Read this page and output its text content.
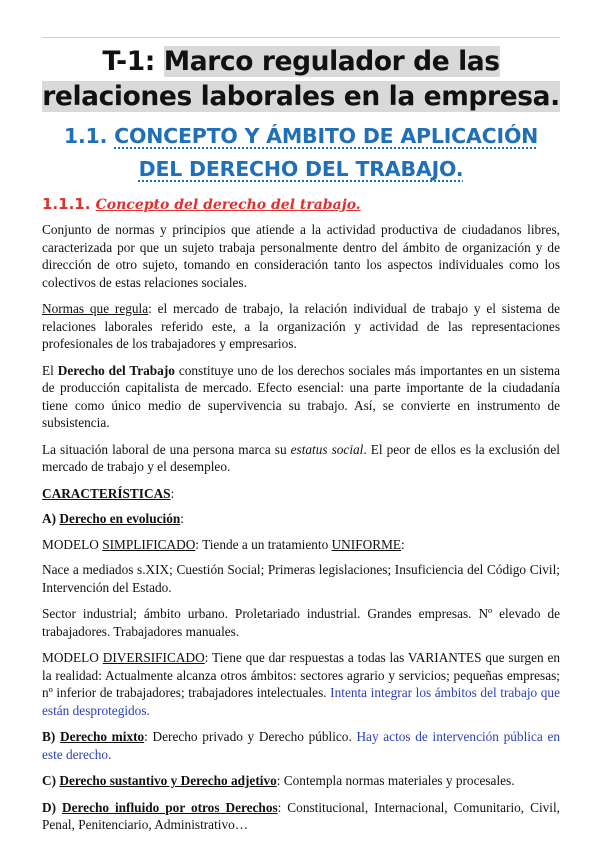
T-1: Marco regulador de las
relaciones laborales en la empresa.
1.1. CONCEPTO Y ÁMBITO DE APLICACIÓN
DEL DERECHO DEL TRABAJO.
1.1.1. Concepto del derecho del trabajo.

Conjunto de normas y principios que atiende a la actividad productiva de ciudadanos libres, caracterizada por que un sujeto trabaja personalmente dentro del ámbito de organización y de dirección de otro sujeto, tomando en consideración tanto los aspectos individuales como los colectivos de estas relaciones sociales.

Normas que regula: el mercado de trabajo, la relación individual de trabajo y el sistema de relaciones laborales referido este, a la organización y actividad de las representaciones profesionales de los trabajadores y empresarios.

El Derecho del Trabajo constituye uno de los derechos sociales más importantes en un sistema de producción capitalista de mercado. Efecto esencial: una parte importante de la ciudadanía tiene como único medio de supervivencia su trabajo. Así, se convierte en instrumento de subsistencia.

La situación laboral de una persona marca su estatus social. El peor de ellos es la exclusión del mercado de trabajo y el desempleo.

CARACTERÍSTICAS:

A) Derecho en evolución:

MODELO SIMPLIFICADO: Tiende a un tratamiento UNIFORME:

Nace a mediados s.XIX; Cuestión Social; Primeras legislaciones; Insuficiencia del Código Civil; Intervención del Estado.

Sector industrial; ámbito urbano. Proletariado industrial. Grandes empresas. Nº elevado de trabajadores. Trabajadores manuales.

MODELO DIVERSIFICADO: Tiene que dar respuestas a todas las VARIANTES que surgen en la realidad: Actualmente alcanza otros ámbitos: sectores agrario y servicios; pequeñas empresas; nº inferior de trabajadores; trabajadores intelectuales. Intenta integrar los ámbitos del trabajo que están desprotegidos.

B) Derecho mixto: Derecho privado y Derecho público. Hay actos de intervención pública en este derecho.

C) Derecho sustantivo y Derecho adjetivo: Contempla normas materiales y procesales.

D) Derecho influido por otros Derechos: Constitucional, Internacional, Comunitario, Civil, Penal, Penitenciario, Administrativo…
